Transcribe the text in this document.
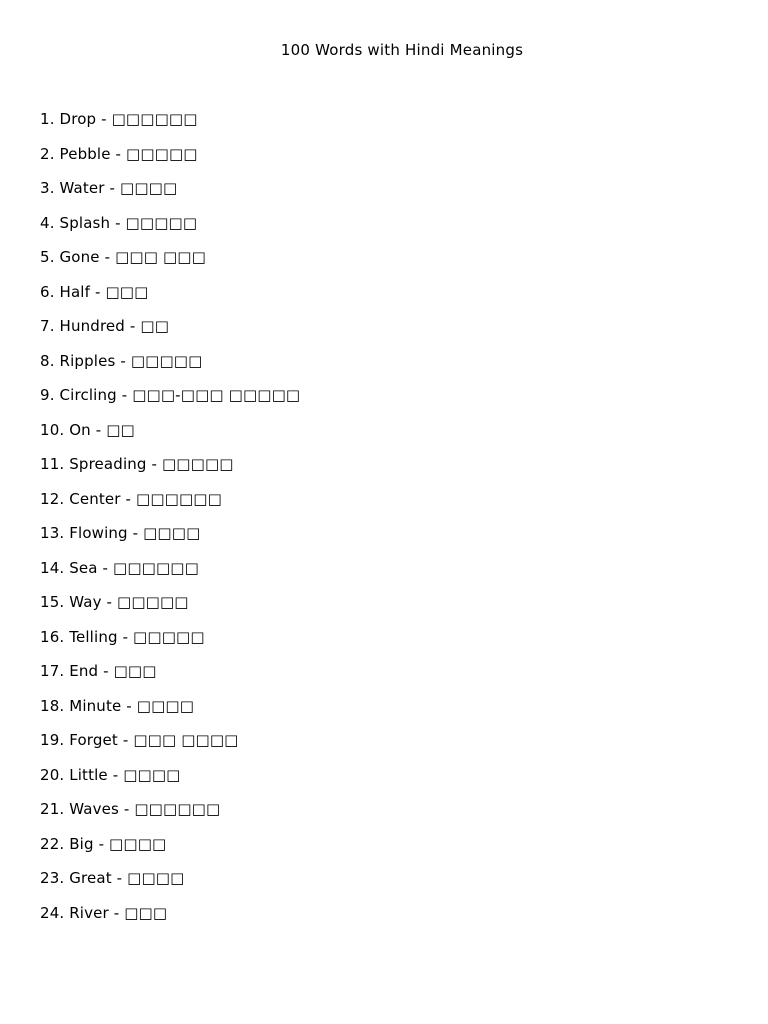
100 Words with Hindi Meanings
1. Drop - □□□□□□
2. Pebble - □□□□□
3. Water - □□□□
4. Splash - □□□□□
5. Gone - □□□ □□□
6. Half - □□□
7. Hundred - □□
8. Ripples - □□□□□
9. Circling - □□□-□□□ □□□□□
10. On - □□
11. Spreading - □□□□□
12. Center - □□□□□□
13. Flowing - □□□□
14. Sea - □□□□□□
15. Way - □□□□□
16. Telling - □□□□□
17. End - □□□
18. Minute - □□□□
19. Forget - □□□ □□□□
20. Little - □□□□
21. Waves - □□□□□□
22. Big - □□□□
23. Great - □□□□
24. River - □□□
